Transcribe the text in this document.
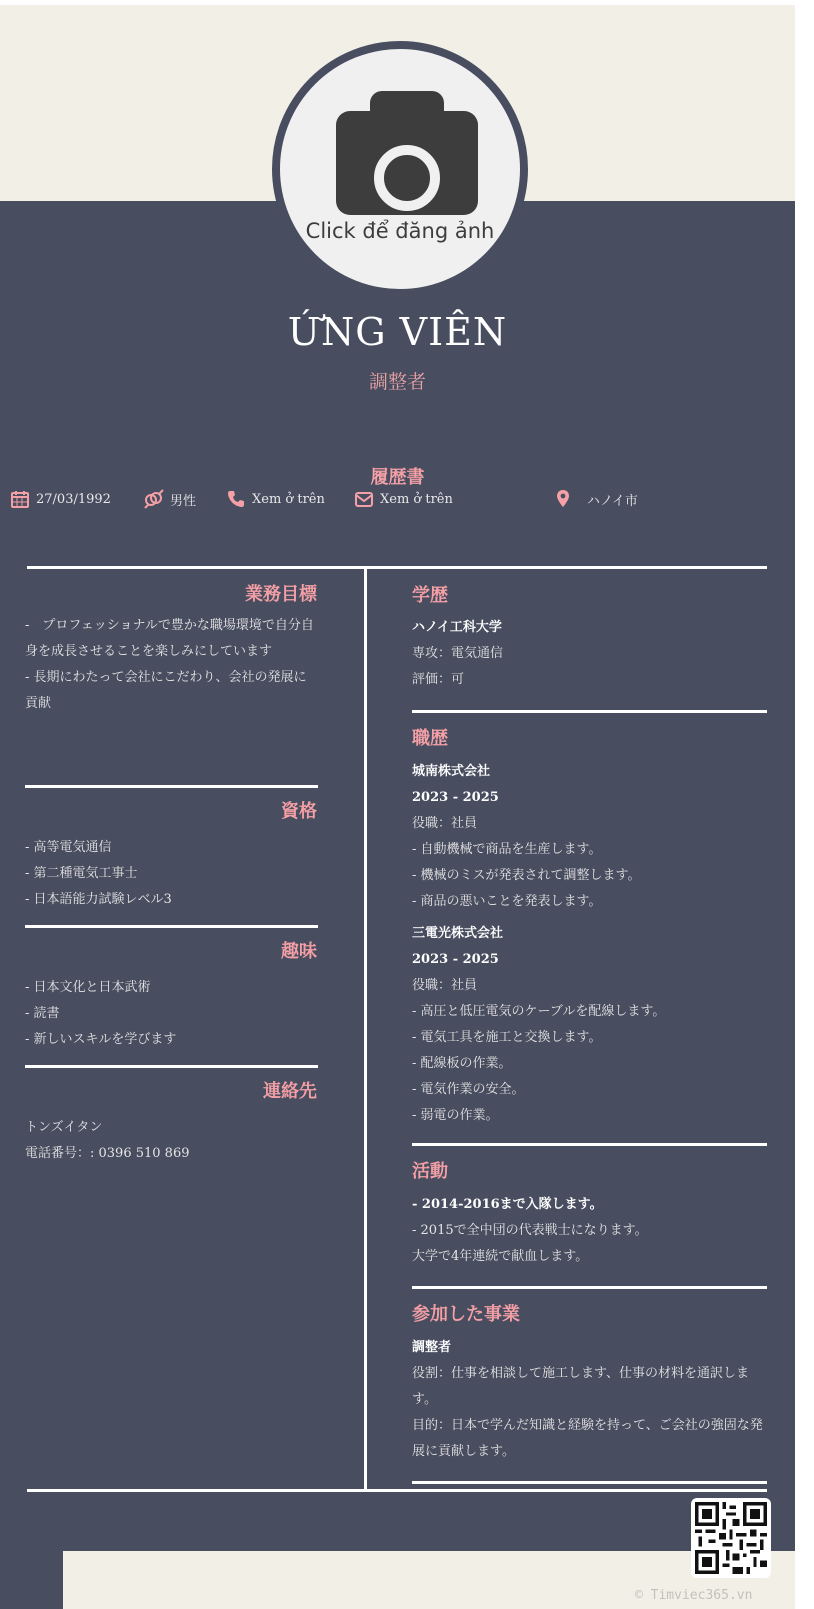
Click để đăng ảnh
ỨNG VIÊN
調整者
履歴書
27/03/1992	男性	Xem ở trên	Xem ở trên	ハノイ市
業務目標
-　プロフェッショナルで豊かな職場環境で自分自身を成長させることを楽しみにしています
- 長期にわたって会社にこだわり、会社の発展に貢献
資格
- 高等電気通信
- 第二種電気工事士
- 日本語能力試験レベル3
趣味
- 日本文化と日本武術
- 読書
- 新しいスキルを学びます
連絡先
トンズイタン
電話番号：: 0396 510 869
学歴
ハノイ工科大学
専攻：電気通信
評価：可
職歴
城南株式会社
2023 - 2025
役職：社員
- 自動機械で商品を生産します。
- 機械のミスが発表されて調整します。
- 商品の悪いことを発表します。
三電光株式会社
2023 - 2025
役職：社員
- 高圧と低圧電気のケーブルを配線します。
- 電気工具を施工と交換します。
- 配線板の作業。
- 電気作業の安全。
- 弱電の作業。
活動
- 2014-2016まで入隊します。
- 2015で全中団の代表戦士になります。
大学で4年連続で献血します。
参加した事業
調整者
役割：仕事を相談して施工します、仕事の材料を通訳します。
目的：日本で学んだ知識と経験を持って、ご会社の強固な発展に貢献します。
© Timviec365.vn
